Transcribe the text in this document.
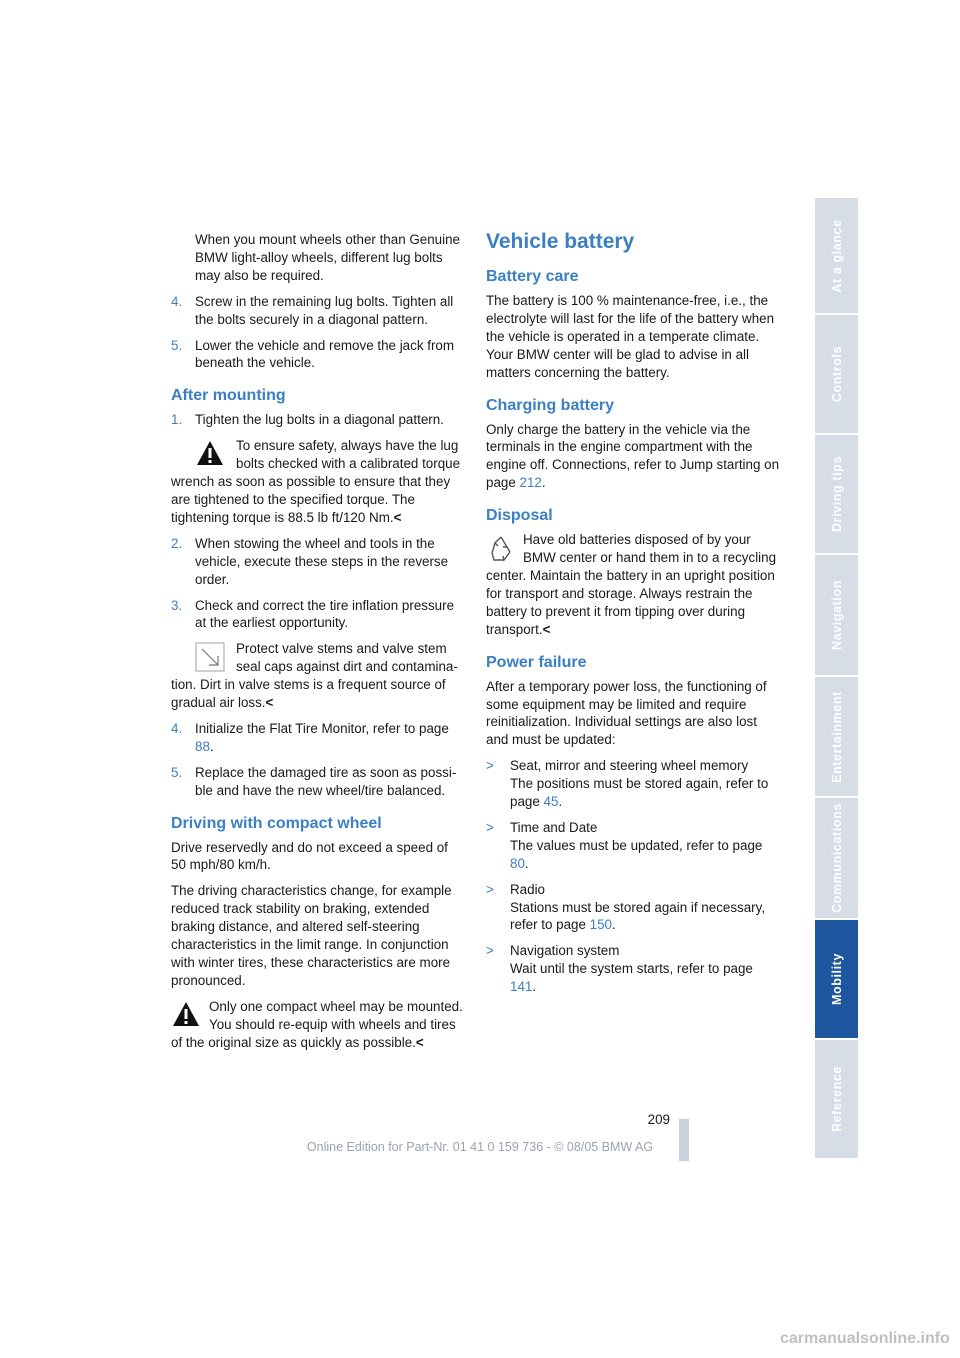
When you mount wheels other than Genuine BMW light-alloy wheels, different lug bolts may also be required.

4. Screw in the remaining lug bolts. Tighten all the bolts securely in a diagonal pattern.
5. Lower the vehicle and remove the jack from beneath the vehicle.
After mounting
1. Tighten the lug bolts in a diagonal pattern.
To ensure safety, always have the lug bolts checked with a calibrated torque wrench as soon as possible to ensure that they are tightened to the specified torque. The tightening torque is 88.5 lb ft/120 Nm.<
2. When stowing the wheel and tools in the vehicle, execute these steps in the reverse order.
3. Check and correct the tire inflation pressure at the earliest opportunity.
Protect valve stems and valve stem seal caps against dirt and contamination. Dirt in valve stems is a frequent source of gradual air loss.<
4. Initialize the Flat Tire Monitor, refer to page 88.
5. Replace the damaged tire as soon as possible and have the new wheel/tire balanced.
Driving with compact wheel

Drive reservedly and do not exceed a speed of 50 mph/80 km/h.

The driving characteristics change, for example reduced track stability on braking, extended braking distance, and altered self-steering characteristics in the limit range. In conjunction with winter tires, these characteristics are more pronounced.

Only one compact wheel may be mounted. You should re-equip with wheels and tires of the original size as quickly as possible.<
Vehicle battery
Battery care

The battery is 100 % maintenance-free, i.e., the electrolyte will last for the life of the battery when the vehicle is operated in a temperate climate. Your BMW center will be glad to advise in all matters concerning the battery.

Charging battery

Only charge the battery in the vehicle via the terminals in the engine compartment with the engine off. Connections, refer to Jump starting on page 212.

Disposal
Have old batteries disposed of by your BMW center or hand them in to a recycling center. Maintain the battery in an upright position for transport and storage. Always restrain the battery to prevent it from tipping over during transport.<
Power failure

After a temporary power loss, the functioning of some equipment may be limited and require reinitialization. Individual settings are also lost and must be updated:

> Seat, mirror and steering wheel memory
The positions must be stored again, refer to page 45.
> Time and Date
The values must be updated, refer to page 80.
> Radio
Stations must be stored again if necessary, refer to page 150.
> Navigation system
Wait until the system starts, refer to page 141.
At a glance
Controls
Driving tips
Navigation
Entertainment
Communications
Mobility
Reference
209
Online Edition for Part-Nr. 01 41 0 159 736 - © 08/05 BMW AG
carmanualsonline.info
